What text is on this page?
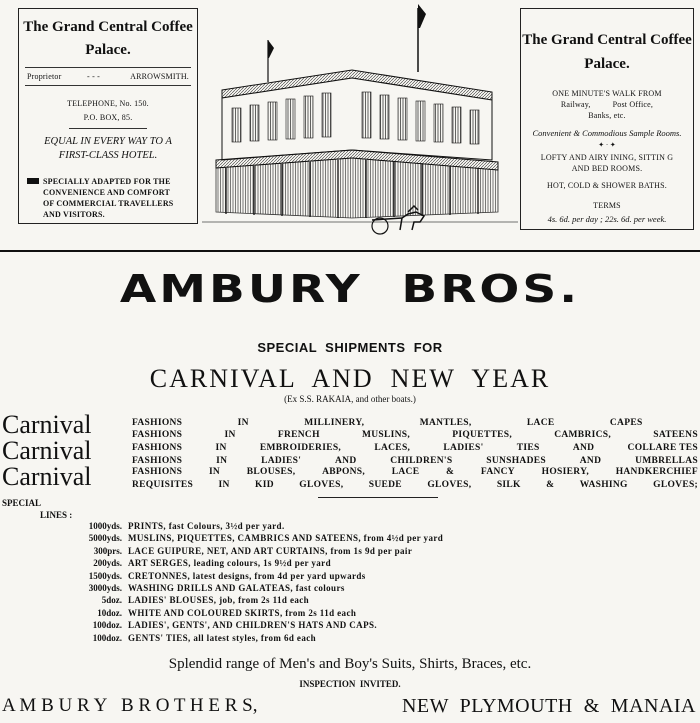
The Grand Central Coffee
Palace.
Proprietor	- - -	ARROWSMITH.
TELEPHONE, No. 150.
P.O. BOX, 85.
EQUAL IN EVERY WAY TO A
FIRST-CLASS HOTEL.
SPECIALLY ADAPTED FOR THE
CONVENIENCE AND COMFORT
OF COMMERCIAL TRAVELLERS
AND VISITORS.
The Grand Central Coffee
Palace.
ONE MINUTE'S WALK FROM
Railway,          Post Office,
Banks, etc.
Convenient & Commodious Sample Rooms.
✦ · ✦
LOFTY AND AIRY INING, SITTIN G
AND BED ROOMS.
HOT, COLD & SHOWER BATHS.
TERMS
4s. 6d. per day ; 22s. 6d. per week.
AMBURY  BROS.
SPECIAL  SHIPMENTS  FOR
CARNIVAL  AND  NEW  YEAR
(Ex S.S. RAKAIA, and other boats.)
Carnival
Carnival
Carnival
FASHIONS	IN	MILLINERY,	MANTLES,	LACE	CAPES
FASHIONS	IN	FRENCH	MUSLINS,	PIQUETTES,	CAMBRICS,	SATEENS
FASHIONS	IN	EMBROIDERIES,	LACES,	LADIES'	TIES	AND	COLLARE TES
FASHIONS	IN	LADIES'	AND	CHILDREN'S	SUNSHADES	AND	UMBRELLAS
FASHIONS	IN	BLOUSES,	ABPONS,	LACE	&	FANCY	HOSIERY,	HANDKERCHIEF
REQUISITES	IN	KID	GLOVES,	SUEDE	GLOVES,	SILK	&	WASHING	GLOVES;
SPECIAL
LINES :
1000yds. PRINTS, fast Colours, 3½d per yard.
5000yds. MUSLINS, PIQUETTES, CAMBRICS AND SATEENS, from 4½d per yard
300prs. LACE GUIPURE, NET, AND ART CURTAINS, from 1s 9d per pair
200yds. ART SERGES, leading colours, 1s 9½d per yard
1500yds. CRETONNES, latest designs, from 4d per yard upwards
3000yds. WASHING DRILLS AND GALATEAS, fast colours
5doz. LADIES' BLOUSES, job, from 2s 11d each
10doz. WHITE AND COLOURED SKIRTS, from 2s 11d each
100doz. LADIES', GENTS', AND CHILDREN'S HATS AND CAPS.
100doz. GENTS' TIES, all latest styles, from 6d each
Splendid range of Men's and Boy's Suits, Shirts, Braces, etc.
INSPECTION  INVITED.
A M B U R Y   B R O T H E R S,	NEW  PLYMOUTH  &  MANAIA
